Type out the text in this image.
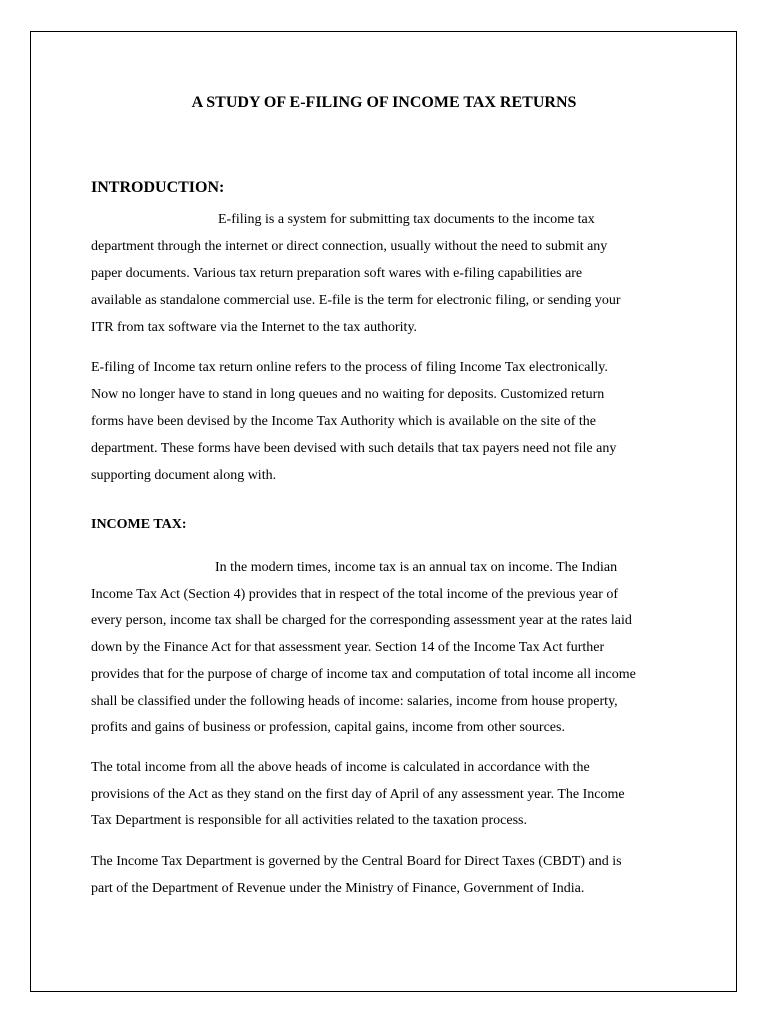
A STUDY OF E-FILING OF INCOME TAX RETURNS
INTRODUCTION:

E-filing is a system for submitting tax documents to the income tax
department through the internet or direct connection, usually without the need to submit any
paper documents. Various tax return preparation soft wares with e-filing capabilities are
available as standalone commercial use. E-file is the term for electronic filing, or sending your
ITR from tax software via the Internet to the tax authority.

E-filing of Income tax return online refers to the process of filing Income Tax electronically.
Now no longer have to stand in long queues and no waiting for deposits. Customized return
forms have been devised by the Income Tax Authority which is available on the site of the
department. These forms have been devised with such details that tax payers need not file any
supporting document along with.

INCOME TAX:

In the modern times, income tax is an annual tax on income. The Indian
Income Tax Act (Section 4) provides that in respect of the total income of the previous year of
every person, income tax shall be charged for the corresponding assessment year at the rates laid
down by the Finance Act for that assessment year. Section 14 of the Income Tax Act further
provides that for the purpose of charge of income tax and computation of total income all income
shall be classified under the following heads of income: salaries, income from house property,
profits and gains of business or profession, capital gains, income from other sources.

The total income from all the above heads of income is calculated in accordance with the
provisions of the Act as they stand on the first day of April of any assessment year. The Income
Tax Department is responsible for all activities related to the taxation process.

The Income Tax Department is governed by the Central Board for Direct Taxes (CBDT) and is
part of the Department of Revenue under the Ministry of Finance, Government of India.
